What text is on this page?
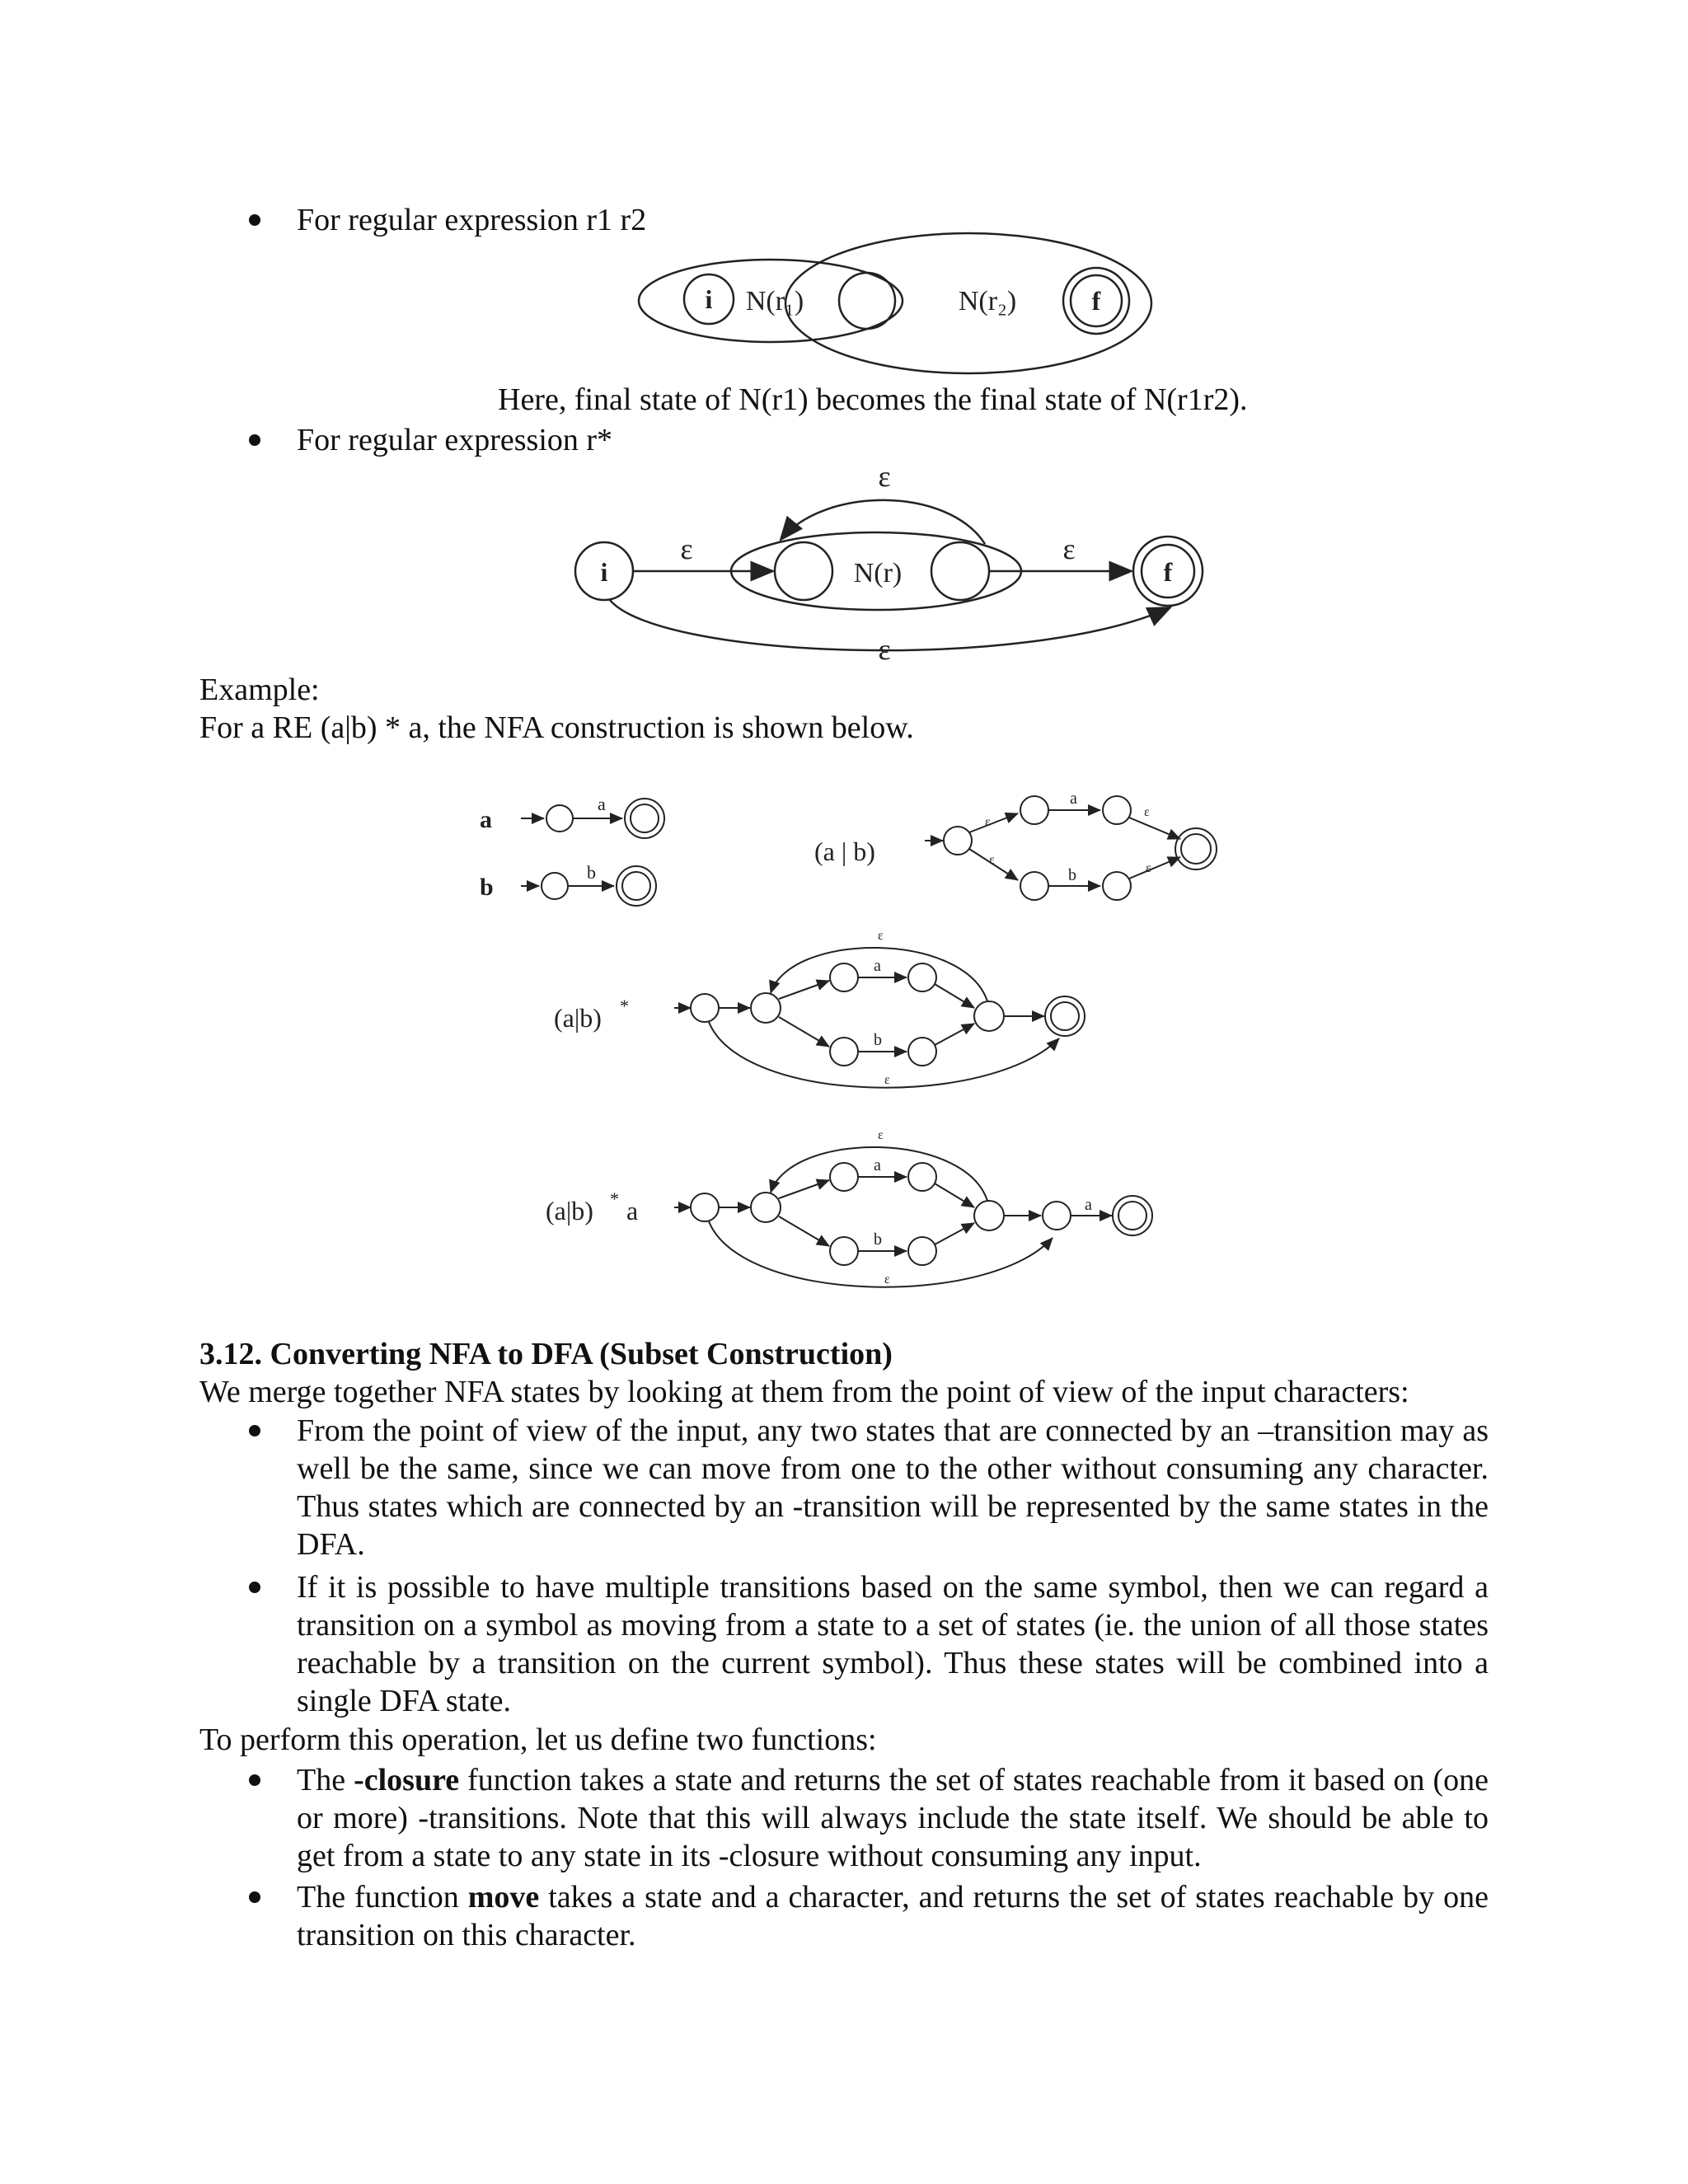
For regular expression r1 r2
i N(r₁)	N(r₂)	f
Here, final state of N(r1) becomes the final state of N(r1r2).
For regular expression r*
i	N(r)	f
ε
ε	ε
ε
Example:
For a RE (a|b) * a, the NFA construction is shown below.
a
b
a
b
(a | b)
a
b
ε
ε
ε
ε
(a|b) *
a
b
ε
ε
(a|b) * a
a
b
a
ε
ε
3.12. Converting NFA to DFA (Subset Construction)
We merge together NFA states by looking at them from the point of view of the input characters:
From the point of view of the input, any two states that are connected by an –transition may as well be the same, since we can move from one to the other without consuming any character. Thus states which are connected by an -transition will be represented by the same states in the DFA.
If it is possible to have multiple transitions based on the same symbol, then we can regard a transition on a symbol as moving from a state to a set of states (ie. the union of all those states reachable by a transition on the current symbol). Thus these states will be combined into a single DFA state.
To perform this operation, let us define two functions:
The -closure function takes a state and returns the set of states reachable from it based on (one or more) -transitions. Note that this will always include the state itself. We should be able to get from a state to any state in its -closure without consuming any input.
The function move takes a state and a character, and returns the set of states reachable by one transition on this character.
